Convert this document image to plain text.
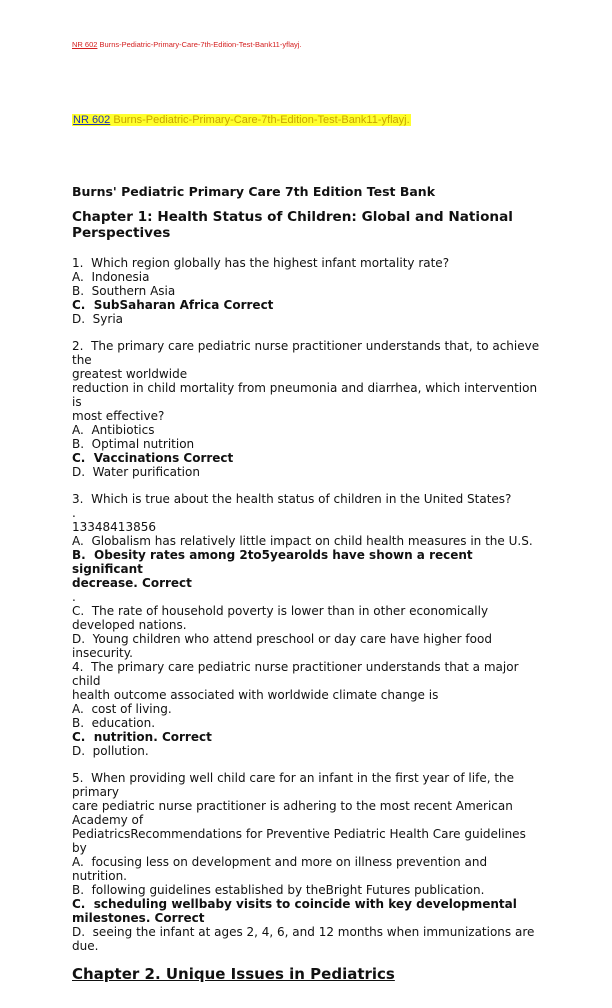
NR 602 Burns-Pediatric-Primary-Care-7th-Edition-Test-Bank11-yflayj.
NR 602 Burns-Pediatric-Primary-Care-7th-Edition-Test-Bank11-yflayj.
Burns' Pediatric Primary Care 7th Edition Test Bank
Chapter 1: Health Status of Children: Global and National
Perspectives
1.  Which region globally has the highest infant mortality rate?
A.  Indonesia
B.  Southern Asia
C.  SubSaharan Africa Correct
D.  Syria
2.  The primary care pediatric nurse practitioner understands that, to achieve
the
greatest worldwide
reduction in child mortality from pneumonia and diarrhea, which intervention
is
most effective?
A.  Antibiotics
B.  Optimal nutrition
C.  Vaccinations Correct
D.  Water purification
3.  Which is true about the health status of children in the United States?
.
13348413856
A.  Globalism has relatively little impact on child health measures in the U.S.
B.  Obesity rates among 2to5yearolds have shown a recent
significant
decrease. Correct
.
C.  The rate of household poverty is lower than in other economically
developed nations.
D.  Young children who attend preschool or day care have higher food
insecurity.
4.  The primary care pediatric nurse practitioner understands that a major
child
health outcome associated with worldwide climate change is
A.  cost of living.
B.  education.
C.  nutrition. Correct
D.  pollution.
5.  When providing well child care for an infant in the first year of life, the
primary
care pediatric nurse practitioner is adhering to the most recent American
Academy of
PediatricsRecommendations for Preventive Pediatric Health Care guidelines
by
A.  focusing less on development and more on illness prevention and
nutrition.
B.  following guidelines established by theBright Futures publication.
C.  scheduling wellbaby visits to coincide with key developmental
milestones. Correct
D.  seeing the infant at ages 2, 4, 6, and 12 months when immunizations are
due.
Chapter 2. Unique Issues in Pediatrics
